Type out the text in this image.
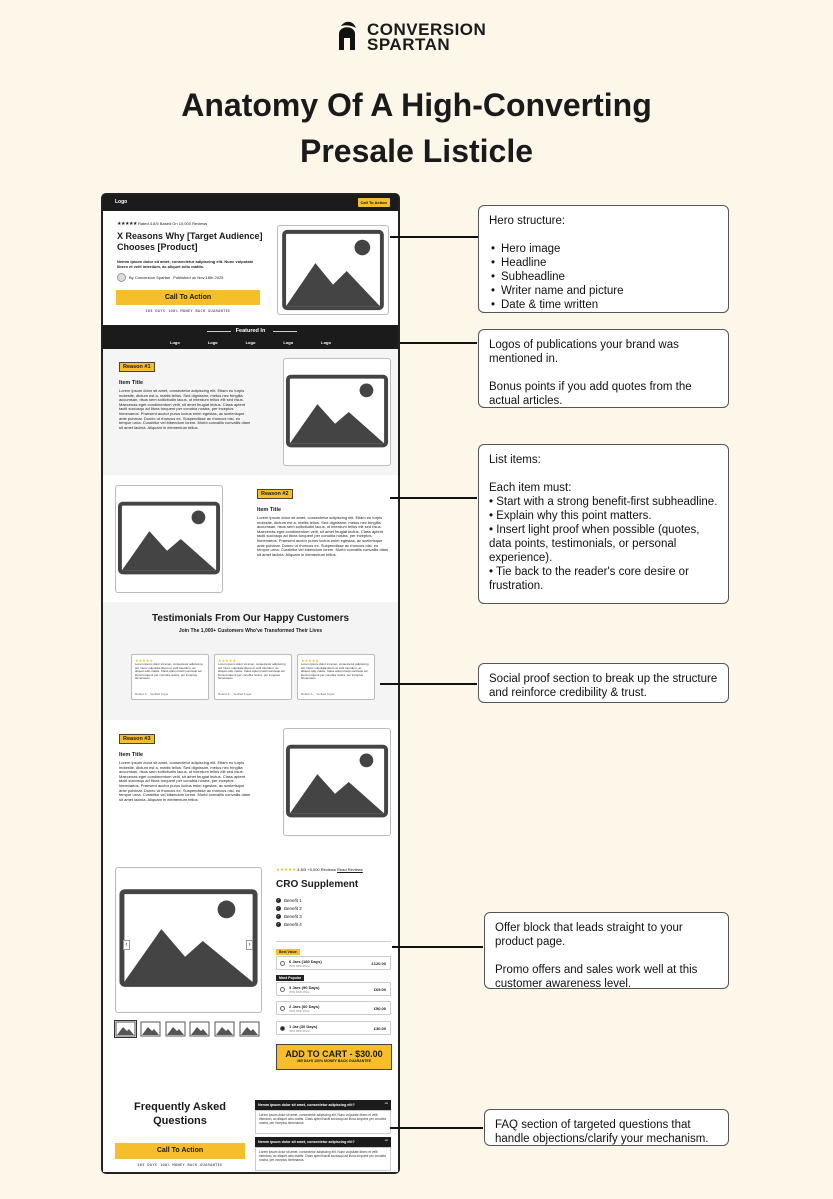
CONVERSION
SPARTAN
Anatomy Of A High-Converting
Presale Listicle
Logo	Call To Action
★★★★★ Rated 4.8/5 Based On 10,000 Reviews
X Reasons Why [Target Audience] Chooses [Product]
Nemm ipsum dolor sit amet, consectetur adipiscing elit. Nunc vulputate libero et velit interdum, ac aliquet odio mattis.
By Conversion Spartan Published on Nov 16th 2025
Call To Action
365 DAYS 100% MONEY BACK GUARANTEE
Featured In
Logo	Logo	Logo	Logo	Logo
Reason #1
Item Title
Lorem ipsum dolor sit amet, consectetur adipiscing elit. Etiam eu turpis molestie, dictum est a, mattis tellus. Sed dignissim, metus nec fringilla accumsan, risus sem sollicitudin lacus, ut interdum tellus elit sed risus. Maecenas eget condimentum velit, sit amet feugiat lectus. Class aptent taciti sociosqu ad litora torquent per conubia nostra, per inceptos himenaeos. Praesent auctor purus luctus enim egestas, ac scelerisque ante pulvinar. Donec ut rhoncus ex. Suspendisse ac rhoncus nisl, eu tempor urna. Curabitur vel bibendum lorem. Morbi convallis convallis diam sit amet lacinia. Aliquam in elementum tellus.
Reason #2
Item Title
Lorem ipsum dolor sit amet, consectetur adipiscing elit. Etiam eu turpis molestie, dictum est a, mattis tellus. Sed dignissim, metus nec fringilla accumsan, risus sem sollicitudin lacus, ut interdum tellus elit sed risus. Maecenas eget condimentum velit, sit amet feugiat lectus. Class aptent taciti sociosqu ad litora torquent per conubia nostra, per inceptos himenaeos. Praesent auctor purus luctus enim egestas, ac scelerisque ante pulvinar. Donec ut rhoncus ex. Suspendisse ac rhoncus nisl, eu tempor urna. Curabitur vel bibendum lorem. Morbi convallis convallis diam sit amet lacinia. Aliquam in elementum tellus.
Testimonials From Our Happy Customers
Join The 1,000+ Customers Who've Transformed Their Lives
★★★★★
Lorem ipsum dolor sit amet, consectetur adipiscing elit. Nunc vulputate libero et velit interdum, ac aliquet odio mattis. Class aptent taciti sociosqu ad litora torquent per conubia nostra, per inceptos himenaeos.
Robert A. · Verified buyer
★★★★★
Lorem ipsum dolor sit amet, consectetur adipiscing elit. Nunc vulputate libero et velit interdum, ac aliquet odio mattis. Class aptent taciti sociosqu ad litora torquent per conubia nostra, per inceptos himenaeos.
Robert A. · Verified buyer
★★★★★
Lorem ipsum dolor sit amet, consectetur adipiscing elit. Nunc vulputate libero et velit interdum, ac aliquet odio mattis. Class aptent taciti sociosqu ad litora torquent per conubia nostra, per inceptos himenaeos.
Robert A. · Verified buyer
Reason #3
Item Title
Lorem ipsum dolor sit amet, consectetur adipiscing elit. Etiam eu turpis molestie, dictum est a, mattis tellus. Sed dignissim, metus nec fringilla accumsan, risus sem sollicitudin lacus, ut interdum tellus elit sed risus. Maecenas eget condimentum velit, sit amet feugiat lectus. Class aptent taciti sociosqu ad litora torquent per conubia nostra, per inceptos himenaeos. Praesent auctor purus luctus enim egestas, ac scelerisque ante pulvinar. Donec ut rhoncus ex. Suspendisse ac rhoncus nisl, eu tempor urna. Curabitur vel bibendum lorem. Morbi convallis convallis diam sit amet lacinia. Aliquam in elementum tellus.
‹	›
★★★★★ 4.8/5 +5,000 Reviews Read Reviews
CRO Supplement
✓ Benefit 1
✓ Benefit 2
✓ Benefit 3
✓ Benefit 4
Best Value
6 Jars (180 Days)
70% OFF Price	£120.00
Most Popular
3 Jars (90 Days)
70% OFF Price	£69.00
2 Jars (60 Days)
70% OFF Price	£50.00
1 Jar (30 Days)
70% OFF Price	£30.00
ADD TO CART - $30.00
365 DAYS 100% MONEY BACK GUARANTEE
Frequently Asked Questions
Call To Action
365 DAYS 100% MONEY BACK GUARANTEE
Nemm ipsum dolor sit amet, consectetur adipiscing elit?	−
Lorem ipsum dolor sit amet, consectetur adipiscing elit. Nunc vulputate libero et velit interdum, ac aliquet odio mattis. Class aptent taciti sociosqu ad litora torquent per conubia nostra, per inceptos himenaeos.
Nemm ipsum dolor sit amet, consectetur adipiscing elit?	−
Lorem ipsum dolor sit amet, consectetur adipiscing elit. Nunc vulputate libero et velit interdum, ac aliquet odio mattis. Class aptent taciti sociosqu ad litora torquent per conubia nostra, per inceptos himenaeos.

Hero structure:

• Hero image
• Headline
• Subheadline
• Writer name and picture
• Date & time written

Logos of publications your brand was mentioned in.

Bonus points if you add quotes from the actual articles.

List items:

Each item must:

• Start with a strong benefit-first subheadline.

• Explain why this point matters.

• Insert light proof when possible (quotes, data points, testimonials, or personal experience).

• Tie back to the reader's core desire or frustration.

Social proof section to break up the structure and reinforce credibility & trust.

Offer block that leads straight to your product page.

Promo offers and sales work well at this customer awareness level.

FAQ section of targeted questions that handle objections/clarify your mechanism.
